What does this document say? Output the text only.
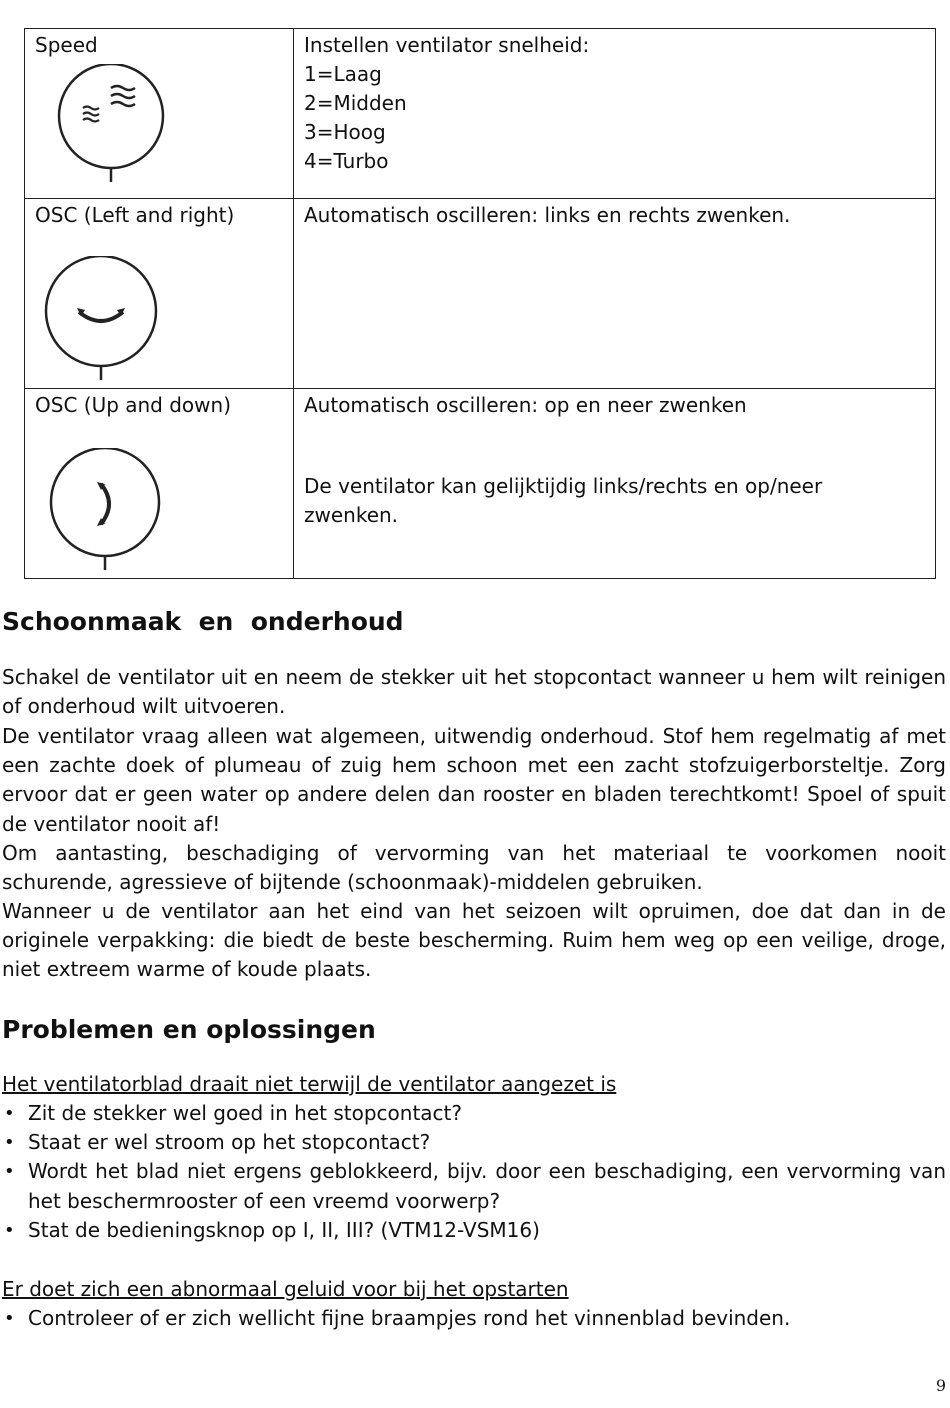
Speed	Instellen ventilator snelheid:

1=Laag

2=Midden

3=Hoog

4=Turbo

OSC (Left and right)	Automatisch oscilleren: links en rechts zwenken.

OSC (Up and down)	Automatisch oscilleren: op en neer zwenken

De ventilator kan gelijktijdig links/rechts en op/neer zwenken.

Schoonmaak  en  onderhoud

Schakel de ventilator uit en neem de stekker uit het stopcontact wanneer u hem wilt reinigen of onderhoud wilt uitvoeren.

De ventilator vraag alleen wat algemeen, uitwendig onderhoud. Stof hem regelmatig af met een zachte doek of plumeau of zuig hem schoon met een zacht stofzuigerborsteltje. Zorg ervoor dat er geen water op andere delen dan rooster en bladen terechtkomt! Spoel of spuit de ventilator nooit af!

Om aantasting, beschadiging of vervorming van het materiaal te voorkomen nooit schurende, agressieve of bijtende (schoonmaak)-middelen gebruiken.

Wanneer u de ventilator aan het eind van het seizoen wilt opruimen, doe dat dan in de originele verpakking: die biedt de beste bescherming. Ruim hem weg op een veilige, droge, niet extreem warme of koude plaats.

Problemen en oplossingen

Het ventilatorblad draait niet terwijl de ventilator aangezet is

• Zit de stekker wel goed in het stopcontact?
• Staat er wel stroom op het stopcontact?
• Wordt het blad niet ergens geblokkeerd, bijv. door een beschadiging, een vervorming van het beschermrooster of een vreemd voorwerp?
• Stat de bedieningsknop op I, II, III? (VTM12-VSM16)

Er doet zich een abnormaal geluid voor bij het opstarten

• Controleer of er zich wellicht fijne braampjes rond het vinnenblad bevinden.
9
